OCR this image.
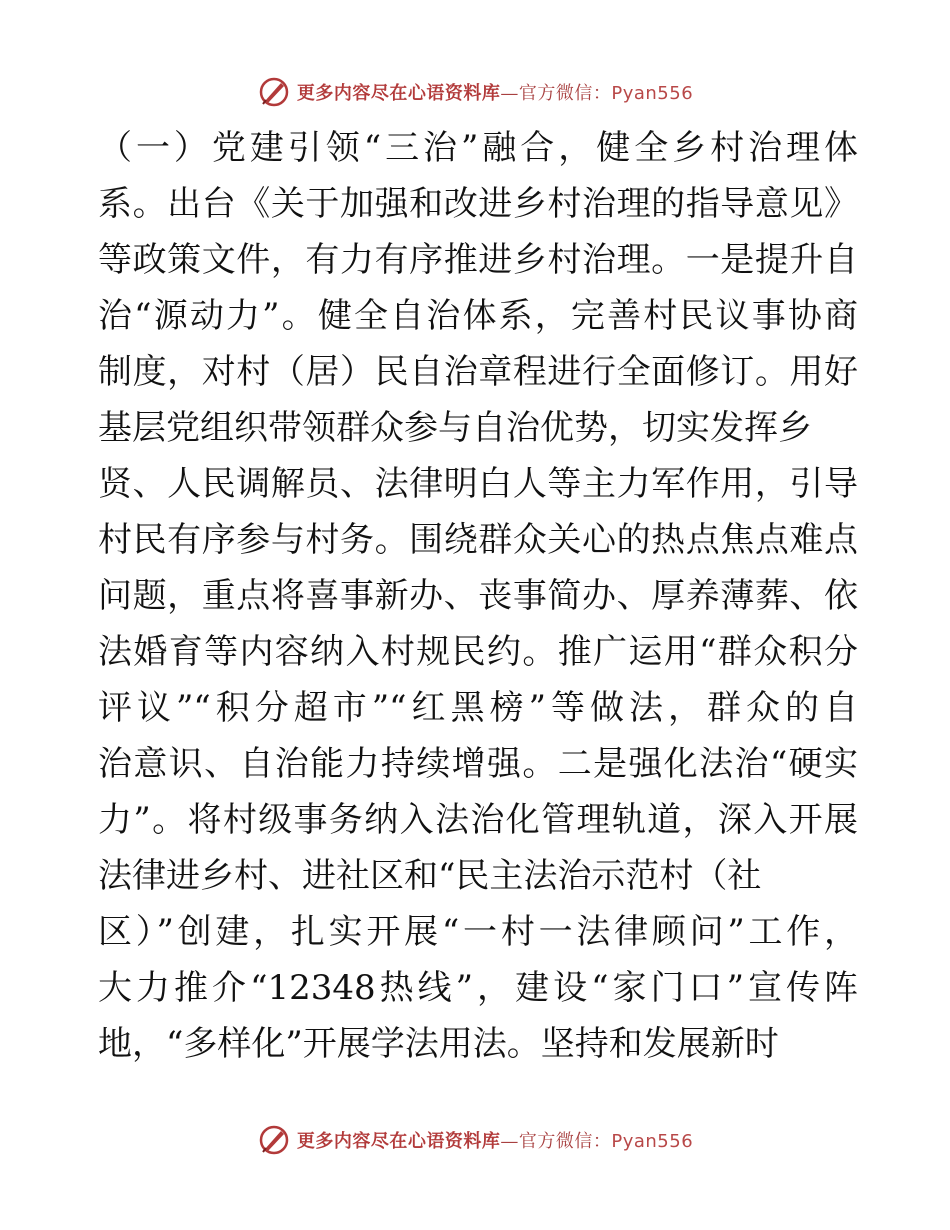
更多内容尽在心语资料库—官方微信：Pyan556
（一）党建引领“三治”融合，健全乡村治理体
系。出台《关于加强和改进乡村治理的指导意见》
等政策文件，有力有序推进乡村治理。一是提升自
治“源动力”。健全自治体系，完善村民议事协商
制度，对村（居）民自治章程进行全面修订。用好
基层党组织带领群众参与自治优势，切实发挥乡
贤、人民调解员、法律明白人等主力军作用，引导
村民有序参与村务。围绕群众关心的热点焦点难点
问题，重点将喜事新办、丧事简办、厚养薄葬、依
法婚育等内容纳入村规民约。推广运用“群众积分
评议”“积分超市”“红黑榜”等做法，群众的自
治意识、自治能力持续增强。二是强化法治“硬实
力”。将村级事务纳入法治化管理轨道，深入开展
法律进乡村、进社区和“民主法治示范村（社
区）”创建，扎实开展“一村一法律顾问”工作，
大力推介“12348热线”，建设“家门口”宣传阵
地，“多样化”开展学法用法。坚持和发展新时
更多内容尽在心语资料库—官方微信：Pyan556
